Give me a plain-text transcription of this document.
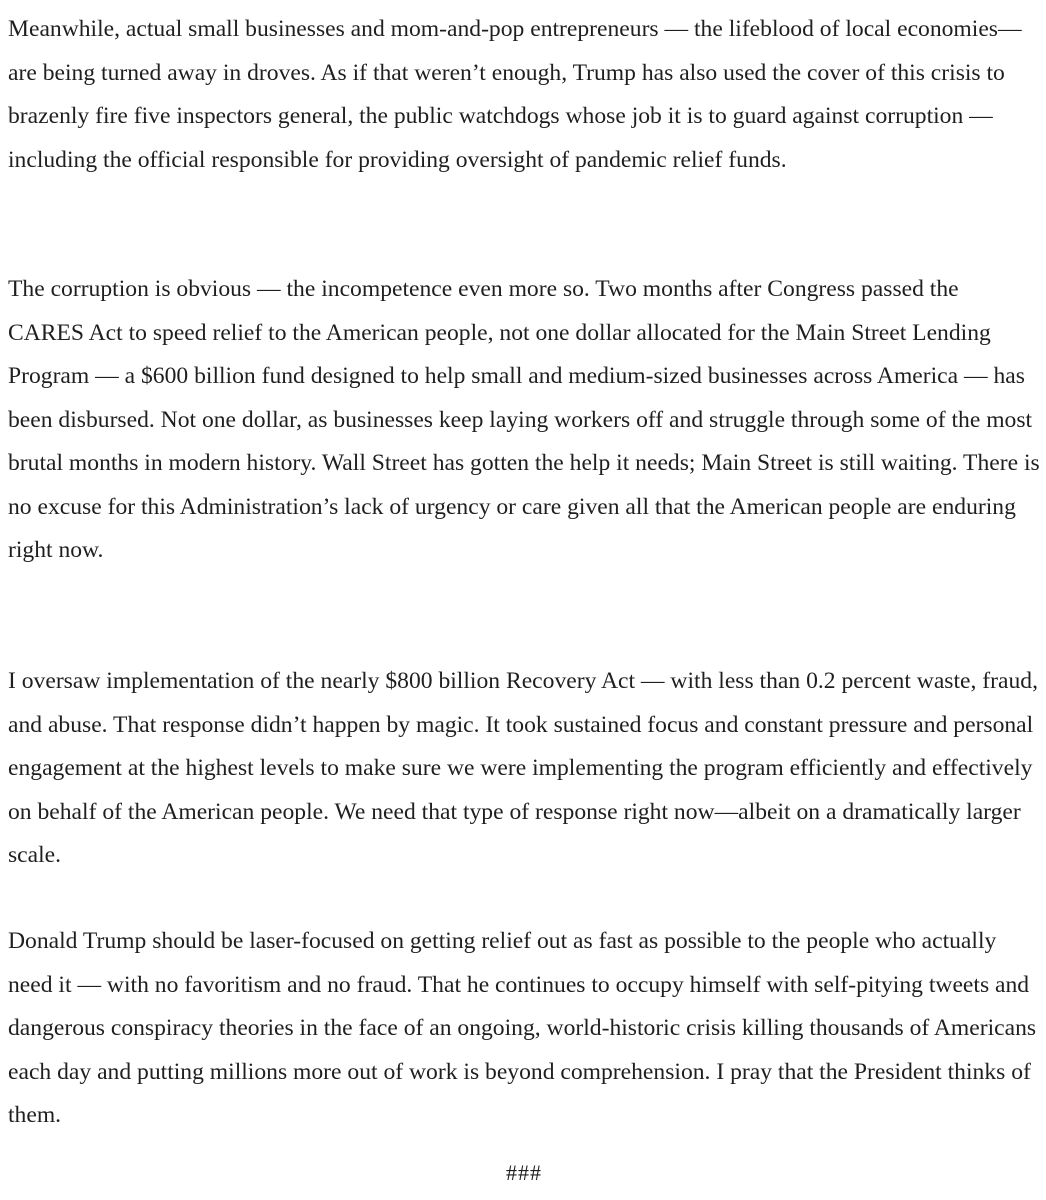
Meanwhile, actual small businesses and mom-and-pop entrepreneurs — the lifeblood of local economies—are being turned away in droves. As if that weren’t enough, Trump has also used the cover of this crisis to brazenly fire five inspectors general, the public watchdogs whose job it is to guard against corruption — including the official responsible for providing oversight of pandemic relief funds.

The corruption is obvious — the incompetence even more so. Two months after Congress passed the CARES Act to speed relief to the American people, not one dollar allocated for the Main Street Lending Program — a $600 billion fund designed to help small and medium-sized businesses across America — has been disbursed. Not one dollar, as businesses keep laying workers off and struggle through some of the most brutal months in modern history. Wall Street has gotten the help it needs; Main Street is still waiting. There is no excuse for this Administration’s lack of urgency or care given all that the American people are enduring right now.

I oversaw implementation of the nearly $800 billion Recovery Act — with less than 0.2 percent waste, fraud, and abuse. That response didn’t happen by magic. It took sustained focus and constant pressure and personal engagement at the highest levels to make sure we were implementing the program efficiently and effectively on behalf of the American people. We need that type of response right now—albeit on a dramatically larger scale.

Donald Trump should be laser-focused on getting relief out as fast as possible to the people who actually need it — with no favoritism and no fraud. That he continues to occupy himself with self-pitying tweets and dangerous conspiracy theories in the face of an ongoing, world-historic crisis killing thousands of Americans each day and putting millions more out of work is beyond comprehension. I pray that the President thinks of them.

###
